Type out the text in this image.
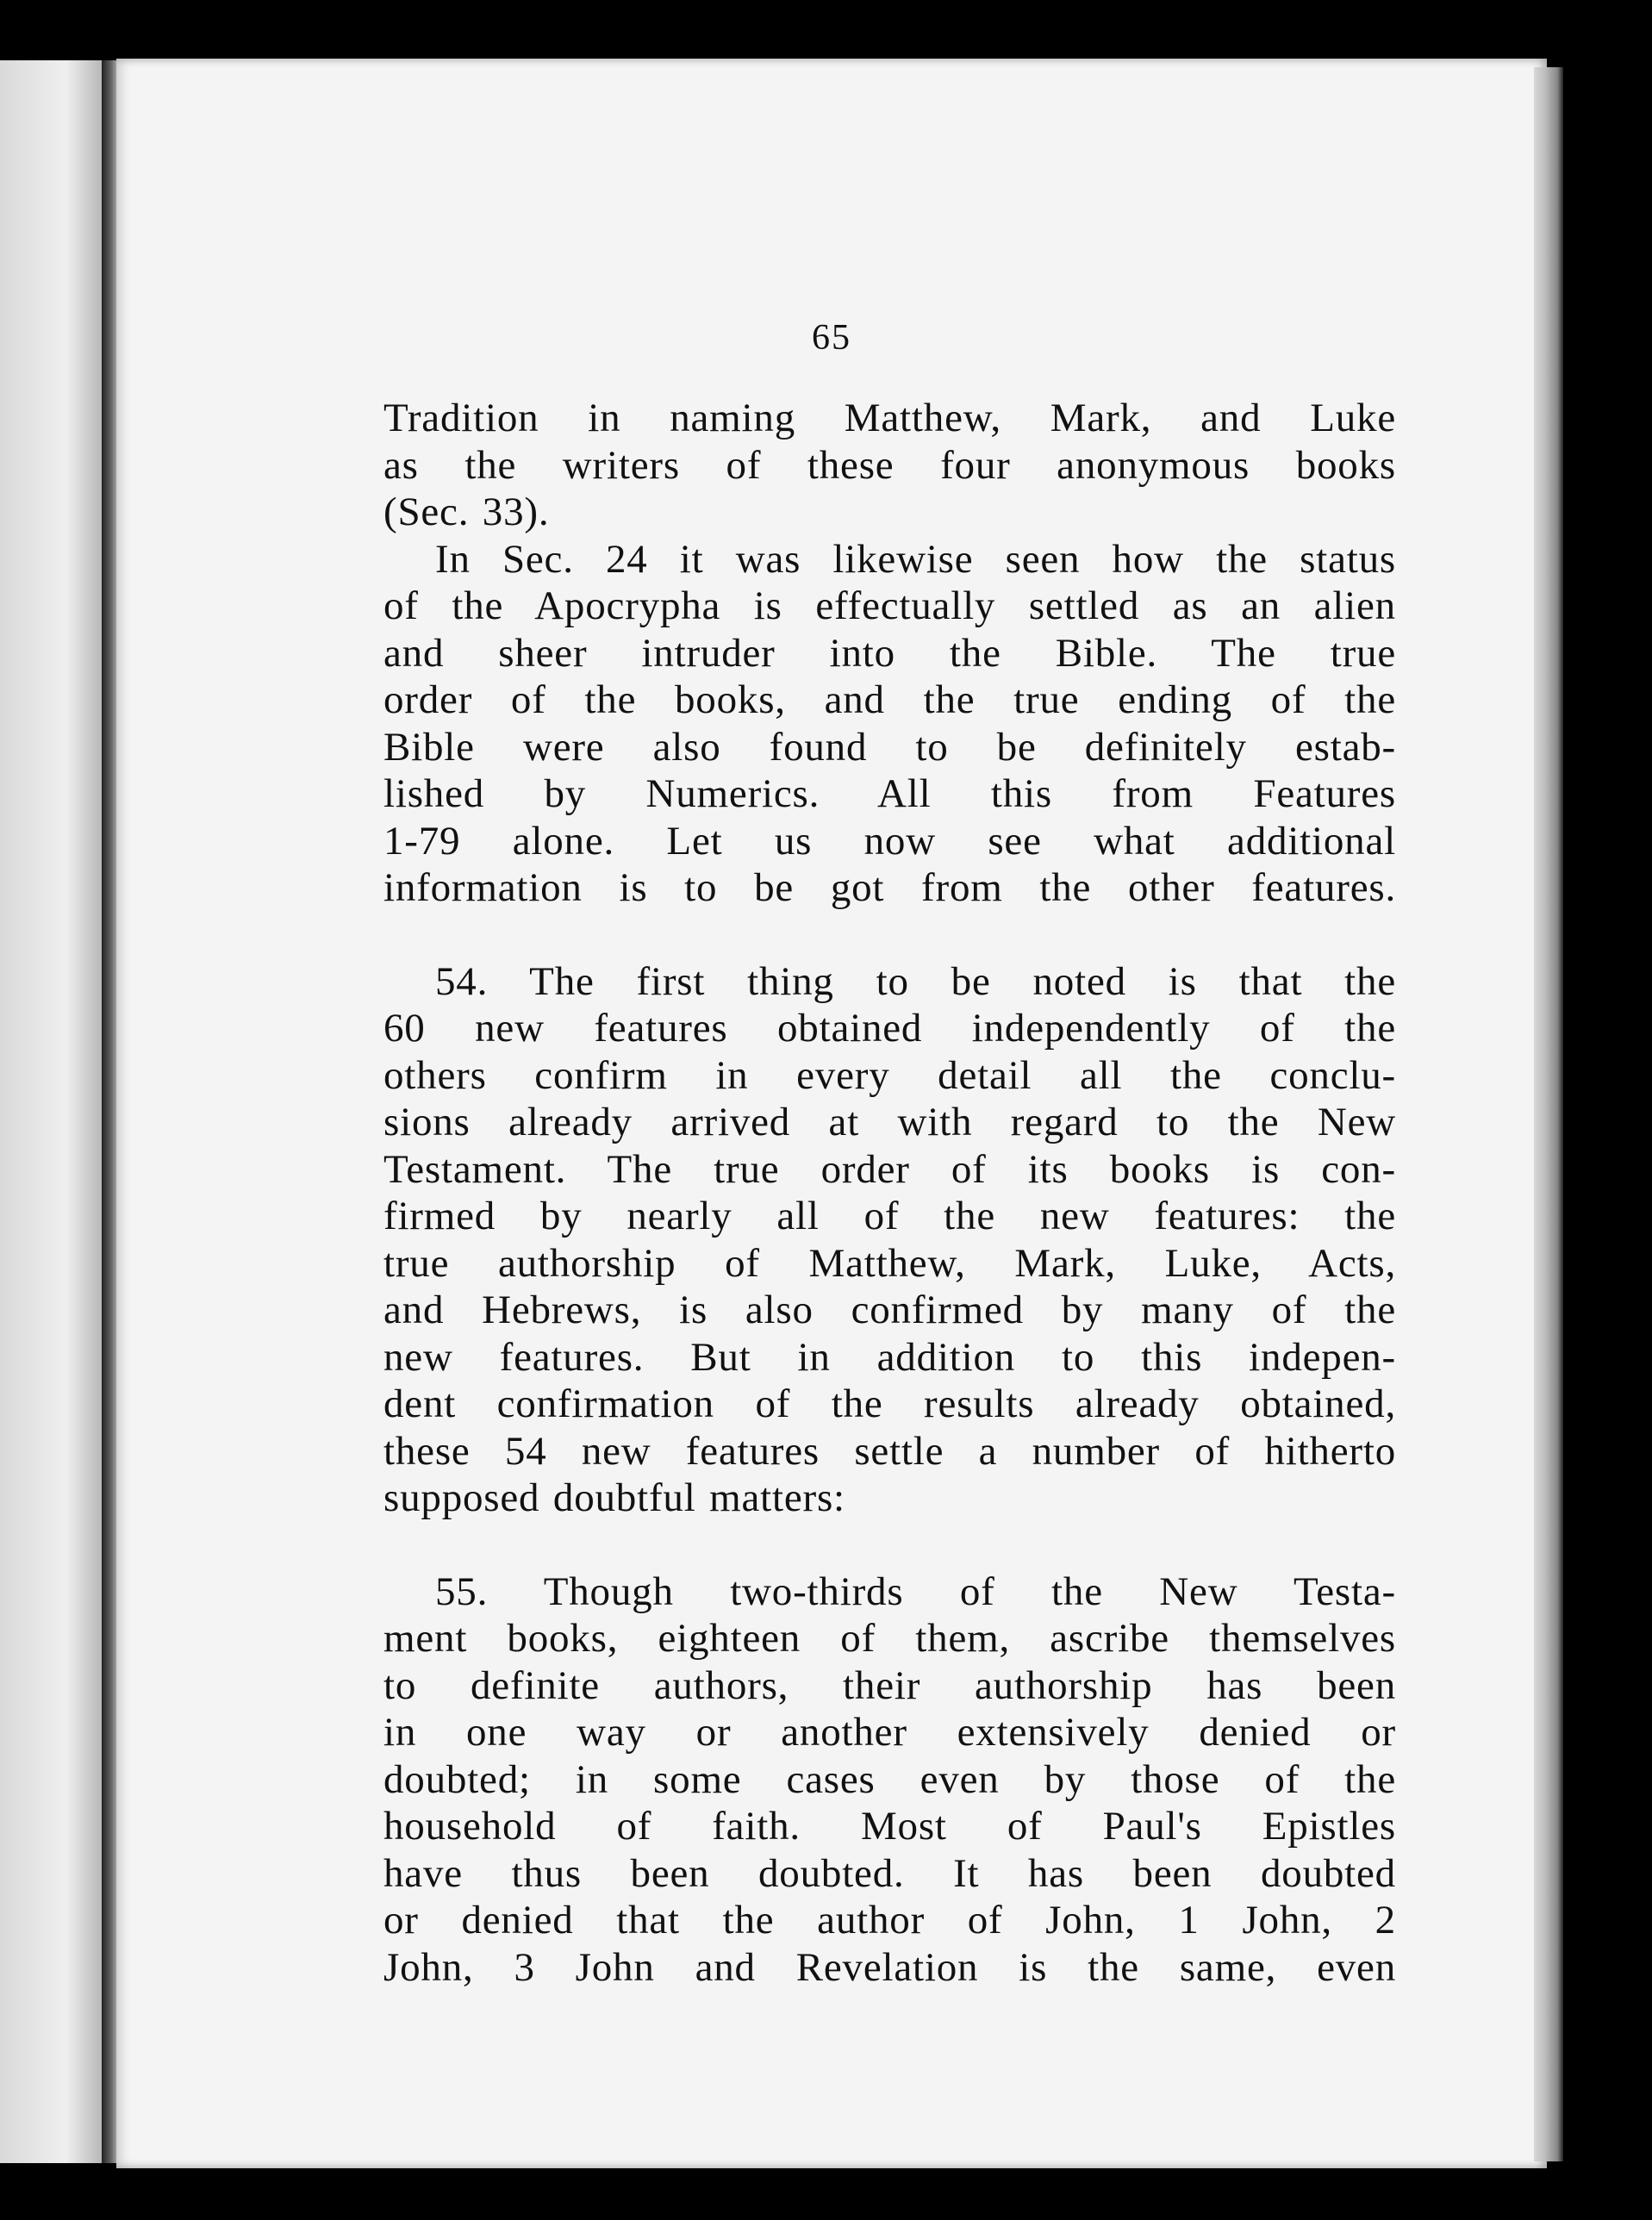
65

Tradition in naming Matthew, Mark, and Luke
as the writers of these four anonymous books
(Sec. 33).

In Sec. 24 it was likewise seen how the status
of the Apocrypha is effectually settled as an alien
and sheer intruder into the Bible. The true
order of the books, and the true ending of the
Bible were also found to be definitely estab-
lished by Numerics. All this from Features
1-79 alone. Let us now see what additional
information is to be got from the other features.

54. The first thing to be noted is that the
60 new features obtained independently of the
others confirm in every detail all the conclu-
sions already arrived at with regard to the New
Testament. The true order of its books is con-
firmed by nearly all of the new features: the
true authorship of Matthew, Mark, Luke, Acts,
and Hebrews, is also confirmed by many of the
new features. But in addition to this indepen-
dent confirmation of the results already obtained,
these 54 new features settle a number of hitherto
supposed doubtful matters:

55. Though two-thirds of the New Testa-
ment books, eighteen of them, ascribe themselves
to definite authors, their authorship has been
in one way or another extensively denied or
doubted; in some cases even by those of the
household of faith. Most of Paul's Epistles
have thus been doubted. It has been doubted
or denied that the author of John, 1 John, 2
John, 3 John and Revelation is the same, even
